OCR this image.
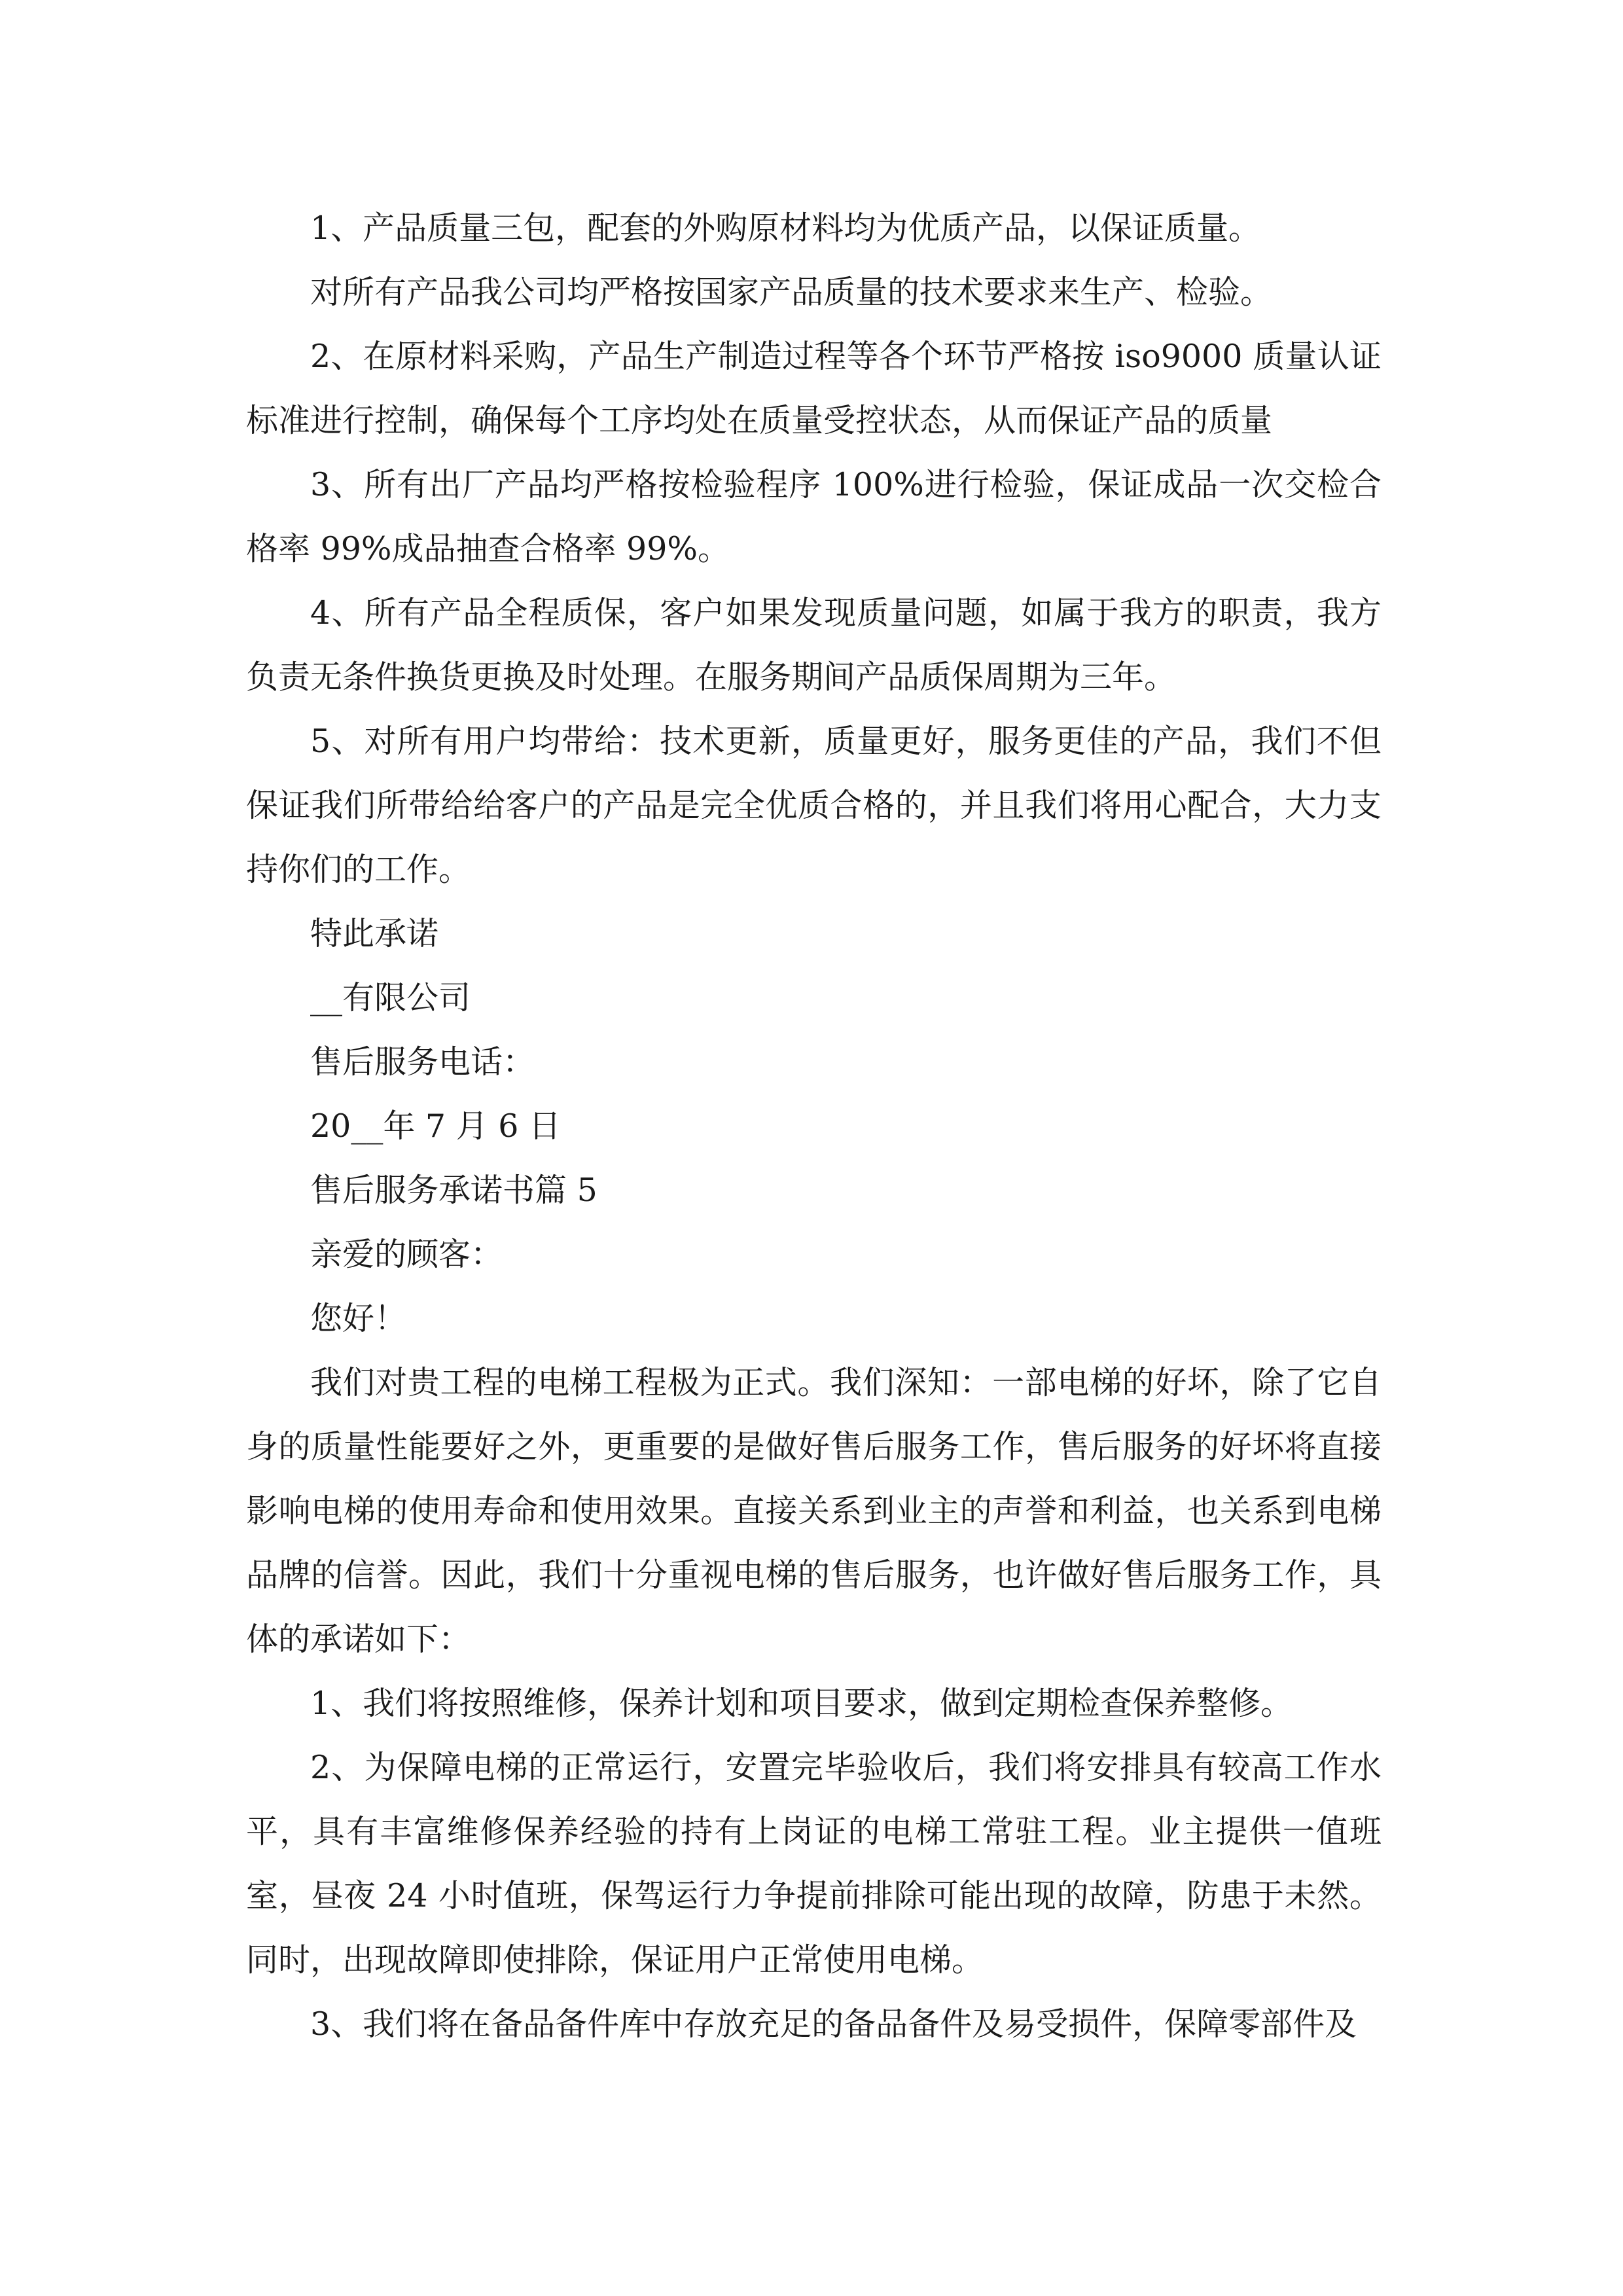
1、产品质量三包，配套的外购原材料均为优质产品，以保证质量。

对所有产品我公司均严格按国家产品质量的技术要求来生产、检验。

2、在原材料采购，产品生产制造过程等各个环节严格按 iso9000 质量认证标准进行控制，确保每个工序均处在质量受控状态，从而保证产品的质量

3、所有出厂产品均严格按检验程序 100%进行检验，保证成品一次交检合格率 99%成品抽查合格率 99%。

4、所有产品全程质保，客户如果发现质量问题，如属于我方的职责，我方负责无条件换货更换及时处理。在服务期间产品质保周期为三年。

5、对所有用户均带给：技术更新，质量更好，服务更佳的产品，我们不但保证我们所带给给客户的产品是完全优质合格的，并且我们将用心配合，大力支持你们的工作。

特此承诺

__有限公司

售后服务电话：

20__年 7 月 6 日

售后服务承诺书篇 5

亲爱的顾客：

您好！

我们对贵工程的电梯工程极为正式。我们深知：一部电梯的好坏，除了它自身的质量性能要好之外，更重要的是做好售后服务工作，售后服务的好坏将直接影响电梯的使用寿命和使用效果。直接关系到业主的声誉和利益，也关系到电梯品牌的信誉。因此，我们十分重视电梯的售后服务，也许做好售后服务工作，具体的承诺如下：

1、我们将按照维修，保养计划和项目要求，做到定期检查保养整修。

2、为保障电梯的正常运行，安置完毕验收后，我们将安排具有较高工作水平，具有丰富维修保养经验的持有上岗证的电梯工常驻工程。业主提供一值班室，昼夜 24 小时值班，保驾运行力争提前排除可能出现的故障，防患于未然。同时，出现故障即使排除，保证用户正常使用电梯。

3、我们将在备品备件库中存放充足的备品备件及易受损件，保障零部件及
